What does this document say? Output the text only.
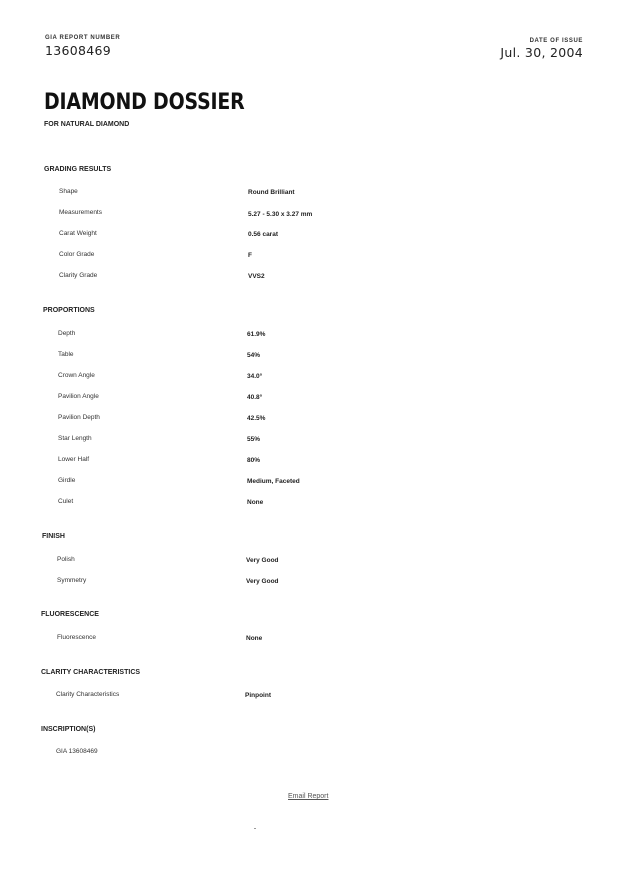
GIA REPORT NUMBER
13608469
DATE OF ISSUE
Jul. 30, 2004
DIAMOND DOSSIER
FOR NATURAL DIAMOND
GRADING RESULTS
Shape	Round Brilliant
Measurements	5.27 - 5.30 x 3.27 mm
Carat Weight	0.56 carat
Color Grade	F
Clarity Grade	VVS2
PROPORTIONS
Depth	61.9%
Table	54%
Crown Angle	34.0°
Pavilion Angle	40.8°
Pavilion Depth	42.5%
Star Length	55%
Lower Half	80%
Girdle	Medium, Faceted
Culet	None
FINISH
Polish	Very Good
Symmetry	Very Good
FLUORESCENCE
Fluorescence	None
CLARITY CHARACTERISTICS
Clarity Characteristics	Pinpoint
INSCRIPTION(S)
GIA 13608469
Email Report
